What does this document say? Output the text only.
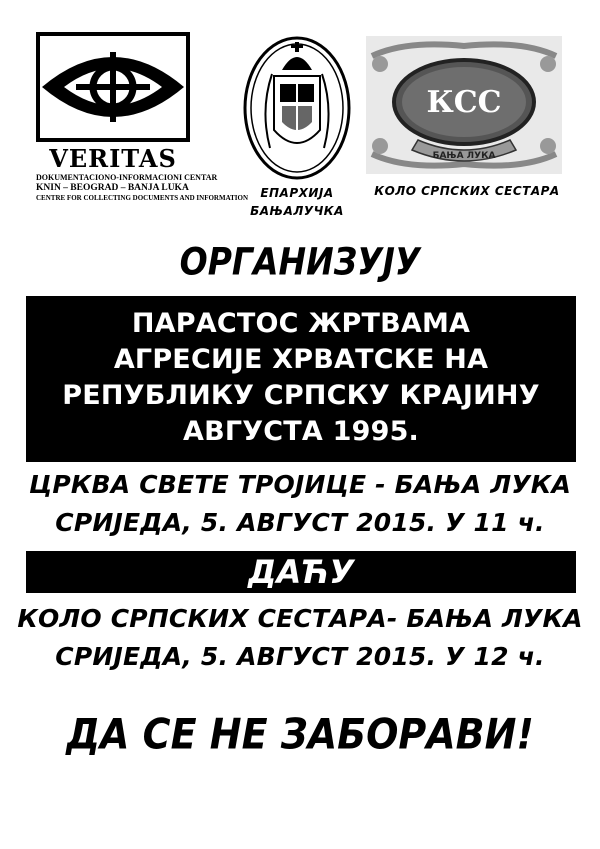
VERITAS
DOKUMENTACIONO-INFORMACIONI CENTAR
KNIN – BEOGRAD – BANJA LUKA
CENTRE FOR COLLECTING DOCUMENTS AND INFORMATION	ЕПАРХИЈА
БАЊАЛУЧКА
КСС
БАЊА ЛУКА
КОЛО СРПСКИХ СЕСТАРА
ОРГАНИЗУЈУ
ПАРАСТОС ЖРТВАМА
АГРЕСИЈЕ ХРВАТСКЕ НА
РЕПУБЛИКУ СРПСКУ КРАЈИНУ
АВГУСТА 1995.
ЦРКВА СВЕТЕ ТРОЈИЦЕ - БАЊА ЛУКА
СРИЈЕДА, 5. АВГУСТ 2015. У 11 ч.
ДАЋУ
КОЛО СРПСКИХ СЕСТАРА- БАЊА ЛУКА
СРИЈЕДА, 5. АВГУСТ 2015. У 12 ч.
ДА СЕ НЕ ЗАБОРАВИ!
